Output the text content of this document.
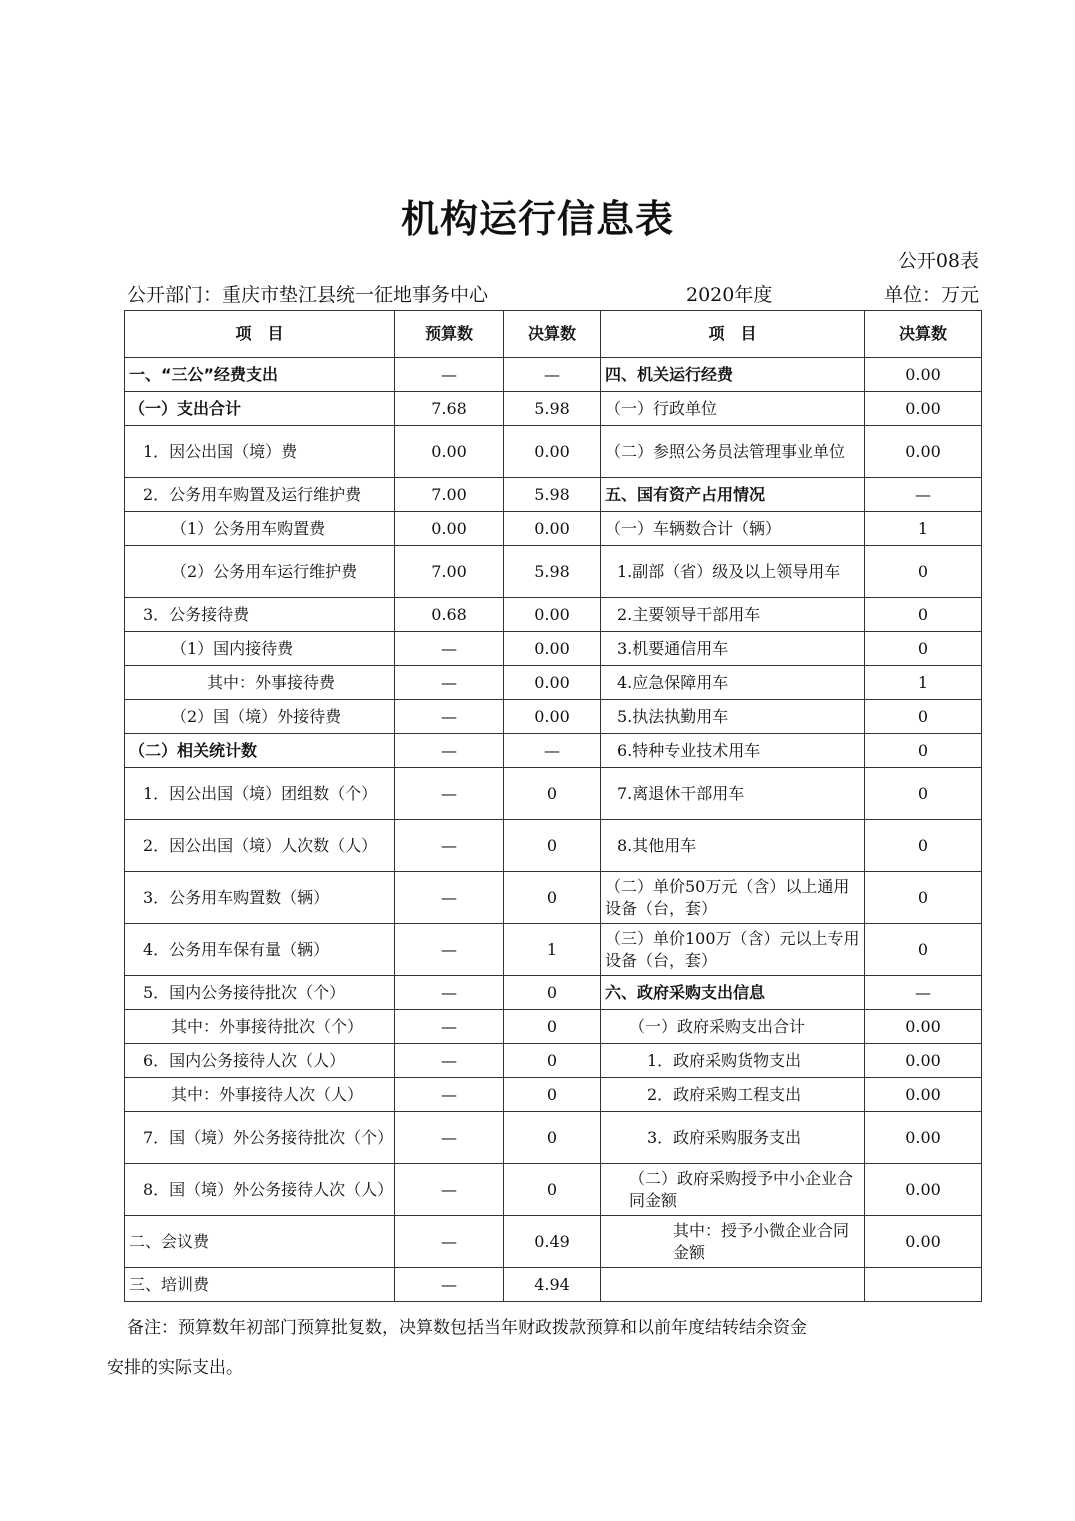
机构运行信息表
公开08表
公开部门：重庆市垫江县统一征地事务中心	2020年度	单位：万元
项　目	预算数	决算数	项　目	决算数
一、“三公”经费支出	—	—	四、机关运行经费	0.00
（一）支出合计	7.68	5.98	（一）行政单位	0.00
1．因公出国（境）费	0.00	0.00	（二）参照公务员法管理事业单位	0.00
2．公务用车购置及运行维护费	7.00	5.98	五、国有资产占用情况	—
（1）公务用车购置费	0.00	0.00	（一）车辆数合计（辆）	1
（2）公务用车运行维护费	7.00	5.98	1.副部（省）级及以上领导用车	0
3．公务接待费	0.68	0.00	2.主要领导干部用车	0
（1）国内接待费	—	0.00	3.机要通信用车	0
其中：外事接待费	—	0.00	4.应急保障用车	1
（2）国（境）外接待费	—	0.00	5.执法执勤用车	0
（二）相关统计数	—	—	6.特种专业技术用车	0
1．因公出国（境）团组数（个）	—	0	7.离退休干部用车	0
2．因公出国（境）人次数（人）	—	0	8.其他用车	0
3．公务用车购置数（辆）	—	0	（二）单价50万元（含）以上通用设备（台，套）	0
4．公务用车保有量（辆）	—	1	（三）单价100万（含）元以上专用设备（台，套）	0
5．国内公务接待批次（个）	—	0	六、政府采购支出信息	—
其中：外事接待批次（个）	—	0	（一）政府采购支出合计	0.00
6．国内公务接待人次（人）	—	0	1．政府采购货物支出	0.00
其中：外事接待人次（人）	—	0	2．政府采购工程支出	0.00
7．国（境）外公务接待批次（个）	—	0	3．政府采购服务支出	0.00
8．国（境）外公务接待人次（人）	—	0	（二）政府采购授予中小企业合同金额	0.00
二、会议费	—	0.49	其中：授予小微企业合同金额	0.00
三、培训费	—	4.94		
备注：预算数年初部门预算批复数，决算数包括当年财政拨款预算和以前年度结转结余资金
安排的实际支出。
